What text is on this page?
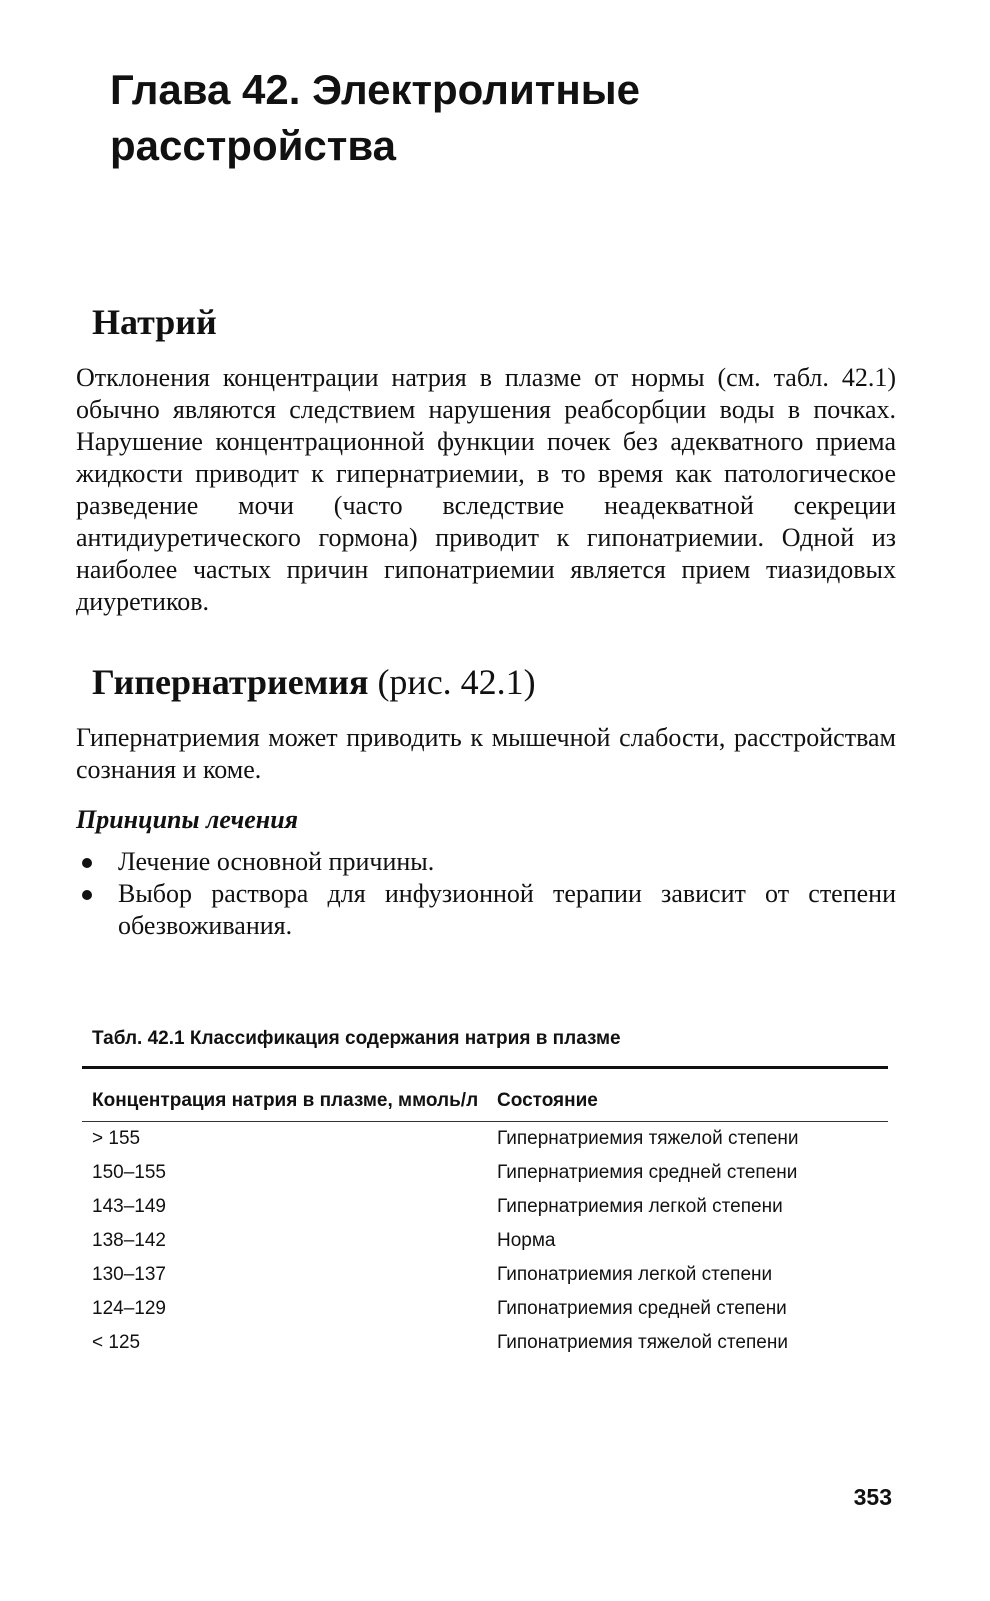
Глава 42. Электролитные
расстройства
Натрий

Отклонения концентрации натрия в плазме от нормы (см. табл. 42.1) обычно являются следствием нарушения реабсорбции воды в почках. Нарушение концентрационной функции почек без адекватного приема жидкости приводит к гипернатриемии, в то время как патологическое разведение мочи (часто вследствие неадекватной секреции антидиуретического гормона) приводит к гипонатриемии. Одной из наиболее частых причин гипонатриемии является прием тиазидовых диуретиков.

Гипернатриемия (рис. 42.1)

Гипернатриемия может приводить к мышечной слабости, расстройствам сознания и коме.

Принципы лечения
Лечение основной причины.
Выбор раствора для инфузионной терапии зависит от степени обезвоживания.

Табл. 42.1 Классификация содержания натрия в плазме

Концентрация натрия в плазме, ммоль/л	Состояние

> 155	Гипернатриемия тяжелой степени
150–155	Гипернатриемия средней степени
143–149	Гипернатриемия легкой степени
138–142	Норма
130–137	Гипонатриемия легкой степени
124–129	Гипонатриемия средней степени
< 125	Гипонатриемия тяжелой степени

353
